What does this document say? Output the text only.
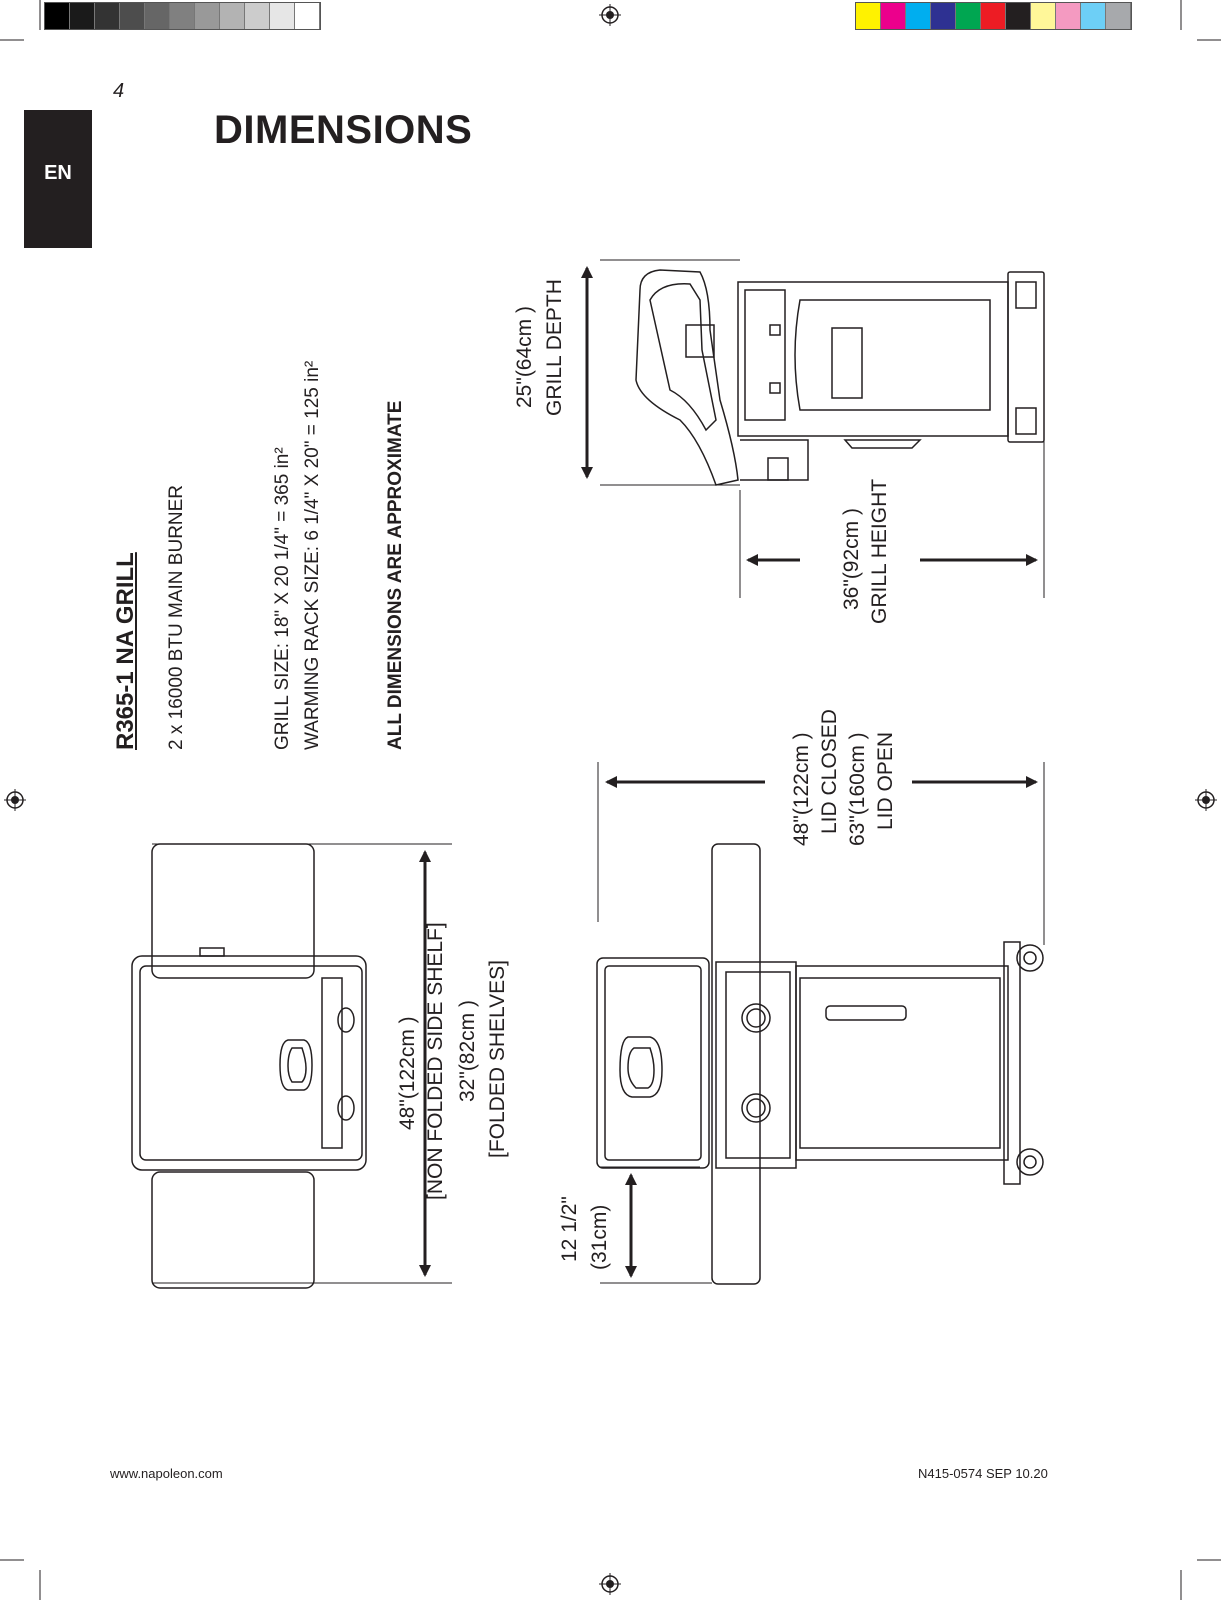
4
EN
DIMENSIONS
R365-1 NA GRILL 2 x 16000 BTU MAIN BURNER	GRILL SIZE: 18" X 20 1/4" = 365 in² WARMING RACK SIZE: 6 1/4" X 20" = 125 in²	ALL DIMENSIONS ARE APPROXIMATE
25"(64cm ) GRILL DEPTH
36"(92cm ) GRILL HEIGHT
48"(122cm ) LID CLOSED 63"(160cm ) LID OPEN
48"(122cm ) [NON FOLDED SIDE SHELF] 32"(82cm ) [FOLDED SHELVES]
12 1/2" (31cm)
www.napoleon.com	N415-0574 SEP 10.20
